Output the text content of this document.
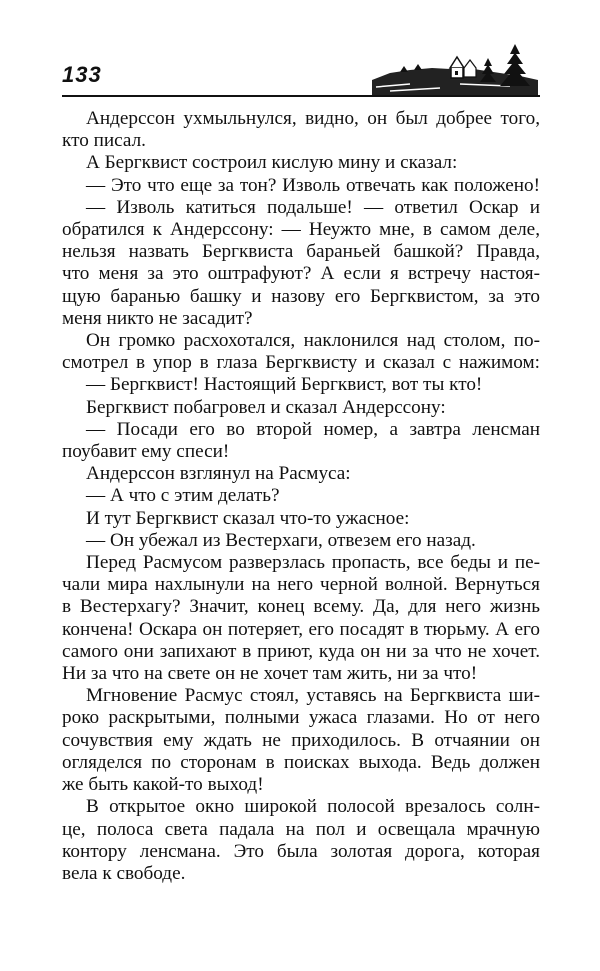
133
Андерссон ухмыльнулся, видно, он был добрее того,
кто писал.
А Бергквист состроил кислую мину и сказал:
— Это что еще за тон? Изволь отвечать как положено!
— Изволь катиться подальше! — ответил Оскар и
обратился к Андерссону: — Неужто мне, в самом деле,
нельзя назвать Бергквиста бараньей башкой? Правда,
что меня за это оштрафуют? А если я встречу настоя-
щую баранью башку и назову его Бергквистом, за это
меня никто не засадит?
Он громко расхохотался, наклонился над столом, по-
смотрел в упор в глаза Бергквисту и сказал с нажимом:
— Бергквист! Настоящий Бергквист, вот ты кто!
Бергквист побагровел и сказал Андерссону:
— Посади его во второй номер, а завтра ленсман
поубавит ему спеси!
Андерссон взглянул на Расмуса:
— А что с этим делать?
И тут Бергквист сказал что-то ужасное:
— Он убежал из Вестерхаги, отвезем его назад.
Перед Расмусом разверзлась пропасть, все беды и пе-
чали мира нахлынули на него черной волной. Вернуться
в Вестерхагу? Значит, конец всему. Да, для него жизнь
кончена! Оскара он потеряет, его посадят в тюрьму. А его
самого они запихают в приют, куда он ни за что не хочет.
Ни за что на свете он не хочет там жить, ни за что!
Мгновение Расмус стоял, уставясь на Бергквиста ши-
роко раскрытыми, полными ужаса глазами. Но от него
сочувствия ему ждать не приходилось. В отчаянии он
огляделся по сторонам в поисках выхода. Ведь должен
же быть какой-то выход!
В открытое окно широкой полосой врезалось солн-
це, полоса света падала на пол и освещала мрачную
контору ленсмана. Это была золотая дорога, которая
вела к свободе.
